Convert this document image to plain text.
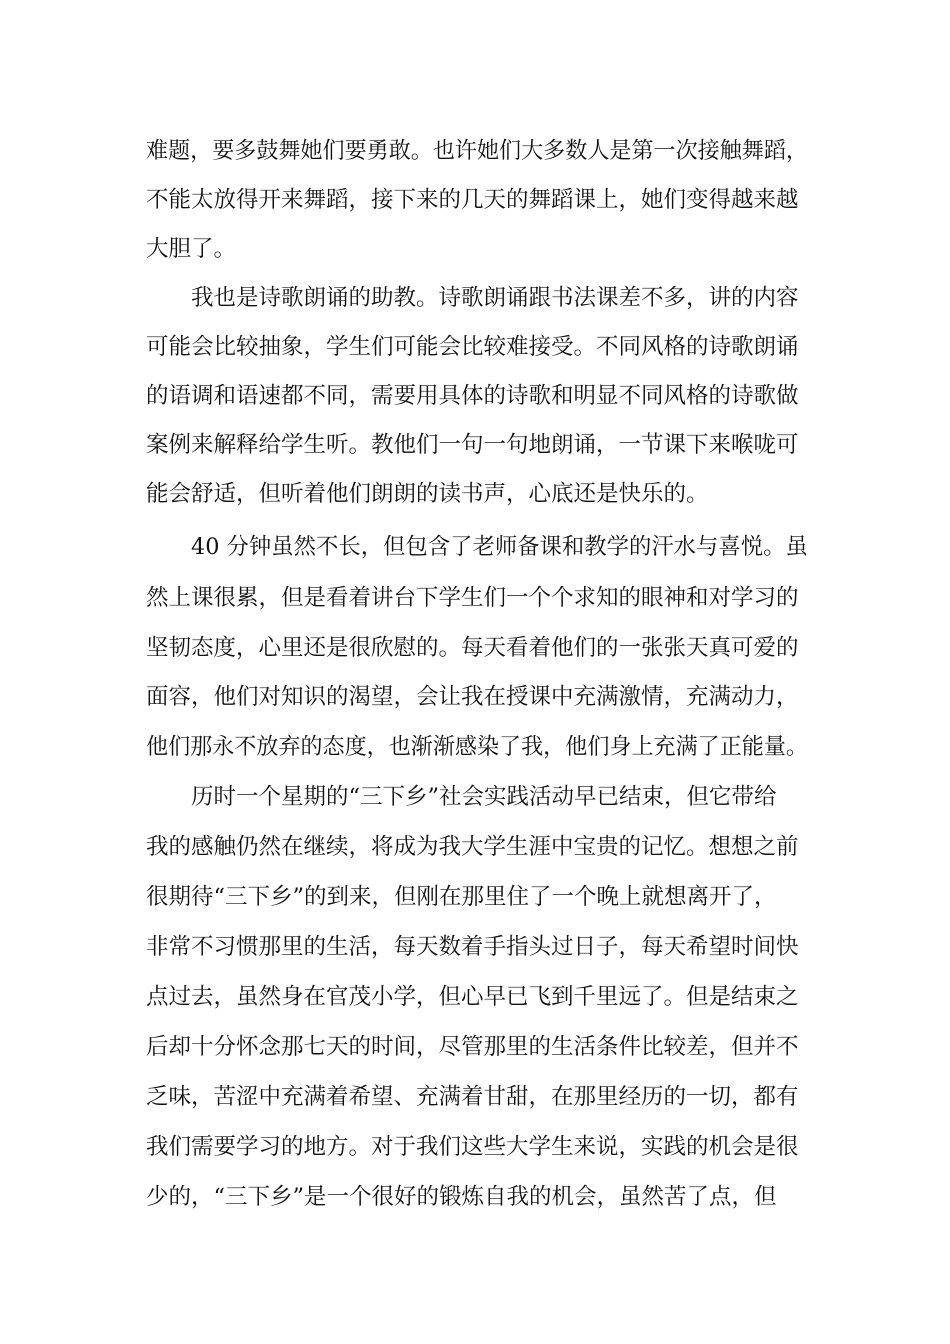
难题，要多鼓舞她们要勇敢。也许她们大多数人是第一次接触舞蹈，
不能太放得开来舞蹈，接下来的几天的舞蹈课上，她们变得越来越
大胆了。
我也是诗歌朗诵的助教。诗歌朗诵跟书法课差不多，讲的内容
可能会比较抽象，学生们可能会比较难接受。不同风格的诗歌朗诵
的语调和语速都不同，需要用具体的诗歌和明显不同风格的诗歌做
案例来解释给学生听。教他们一句一句地朗诵，一节课下来喉咙可
能会舒适，但听着他们朗朗的读书声，心底还是快乐的。
40 分钟虽然不长，但包含了老师备课和教学的汗水与喜悦。虽
然上课很累，但是看着讲台下学生们一个个求知的眼神和对学习的
坚韧态度，心里还是很欣慰的。每天看着他们的一张张天真可爱的
面容，他们对知识的渴望，会让我在授课中充满激情，充满动力，
他们那永不放弃的态度，也渐渐感染了我，他们身上充满了正能量。
历时一个星期的“三下乡”社会实践活动早已结束，但它带给
我的感触仍然在继续，将成为我大学生涯中宝贵的记忆。想想之前
很期待“三下乡”的到来，但刚在那里住了一个晚上就想离开了，
非常不习惯那里的生活，每天数着手指头过日子，每天希望时间快
点过去，虽然身在官茂小学，但心早已飞到千里远了。但是结束之
后却十分怀念那七天的时间，尽管那里的生活条件比较差，但并不
乏味，苦涩中充满着希望、充满着甘甜，在那里经历的一切，都有
我们需要学习的地方。对于我们这些大学生来说，实践的机会是很
少的，“三下乡”是一个很好的锻炼自我的机会，虽然苦了点，但
